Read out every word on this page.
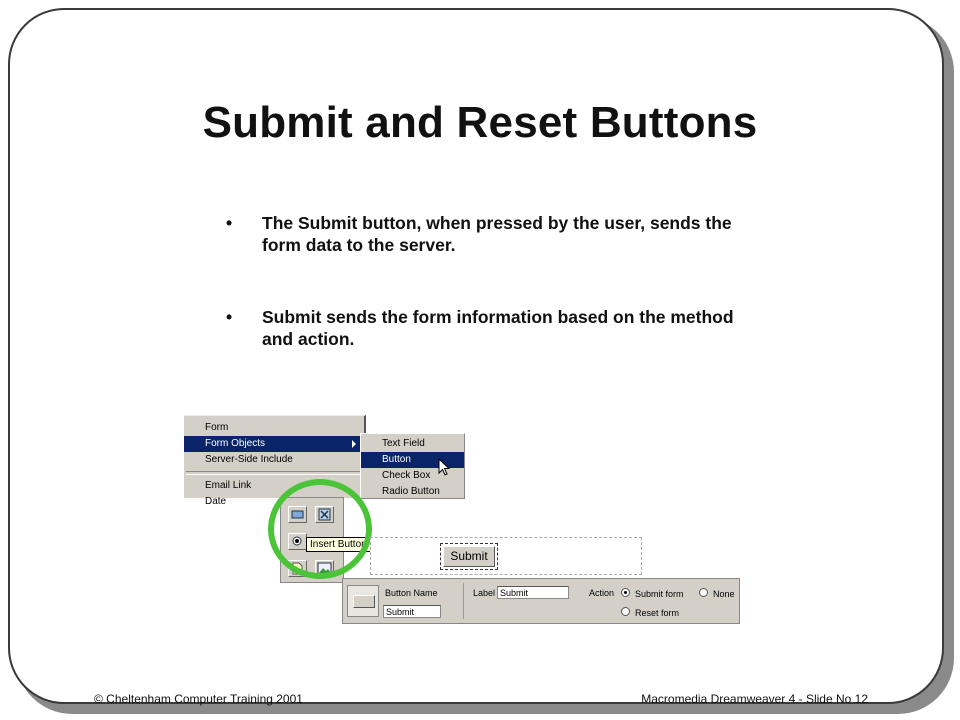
Submit and Reset Buttons
• The Submit button, when pressed by the user, sends the form data to the server.
• Submit sends the form information based on the method and action.
Form
Form Objects
Server-Side Include
Email Link
Date
Text Field
Button
Check Box
Radio Button
Insert Button
Submit
Button Name
Submit
Label Submit	Action Submit form	None
Reset form
© Cheltenham Computer Training 2001	Macromedia Dreamweaver 4 - Slide No 12
